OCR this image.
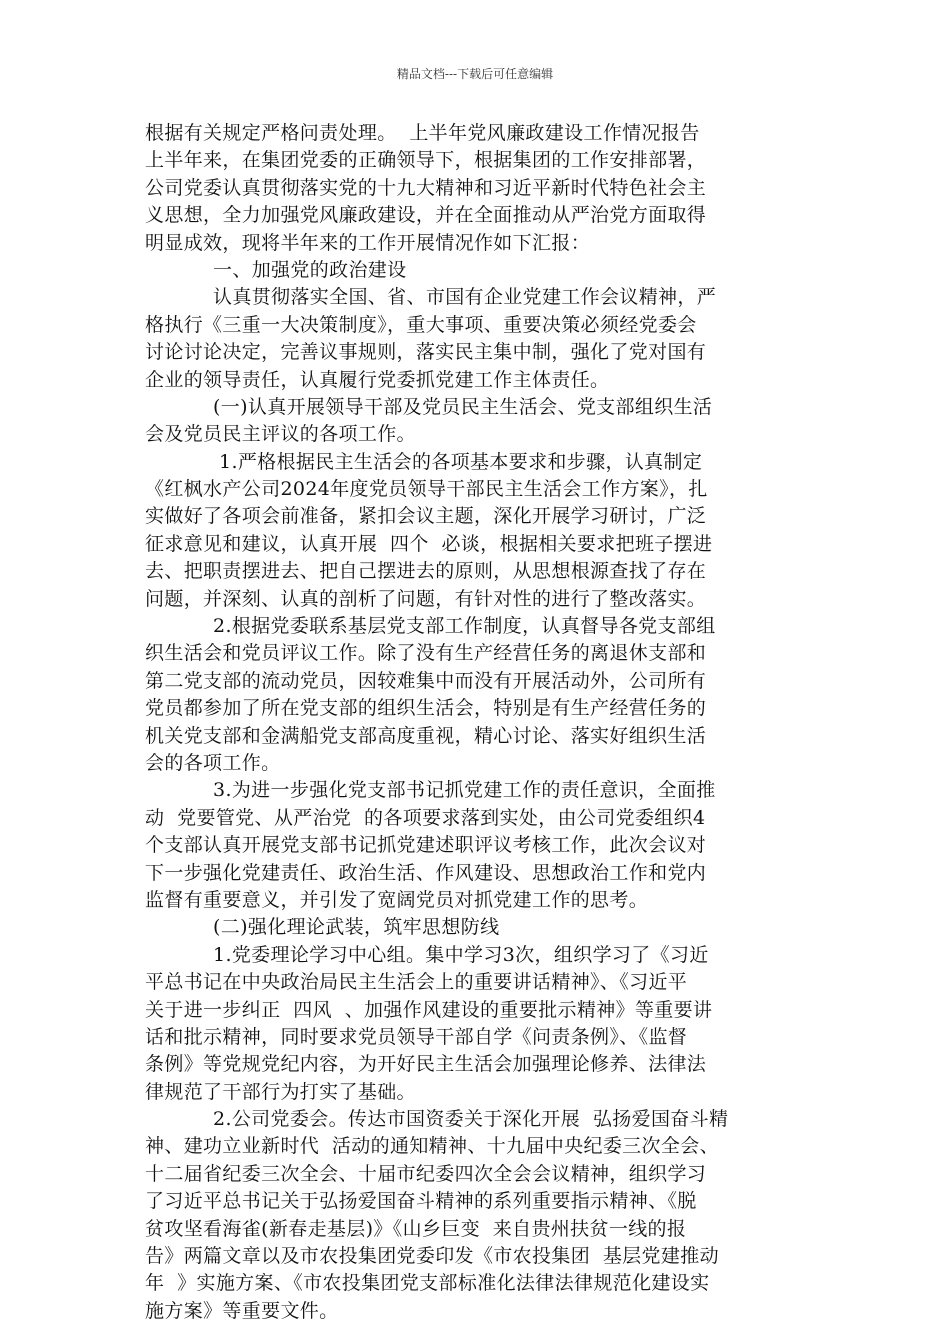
精品文档---下载后可任意编辑
根据有关规定严格问责处理。  上半年党风廉政建设工作情况报告
上半年来，在集团党委的正确领导下，根据集团的工作安排部署，
公司党委认真贯彻落实党的十九大精神和习近平新时代特色社会主
义思想，全力加强党风廉政建设，并在全面推动从严治党方面取得
明显成效，现将半年来的工作开展情况作如下汇报：
一、加强党的政治建设
认真贯彻落实全国、省、市国有企业党建工作会议精神，严
格执行《三重一大决策制度》，重大事项、重要决策必须经党委会
讨论讨论决定，完善议事规则，落实民主集中制，强化了党对国有
企业的领导责任，认真履行党委抓党建工作主体责任。
(一)认真开展领导干部及党员民主生活会、党支部组织生活
会及党员民主评议的各项工作。
1.严格根据民主生活会的各项基本要求和步骤，认真制定
《红枫水产公司2024年度党员领导干部民主生活会工作方案》，扎
实做好了各项会前准备，紧扣会议主题，深化开展学习研讨，广泛
征求意见和建议，认真开展  四个  必谈，根据相关要求把班子摆进
去、把职责摆进去、把自己摆进去的原则，从思想根源查找了存在
问题，并深刻、认真的剖析了问题，有针对性的进行了整改落实。
2.根据党委联系基层党支部工作制度，认真督导各党支部组
织生活会和党员评议工作。除了没有生产经营任务的离退休支部和
第二党支部的流动党员，因较难集中而没有开展活动外，公司所有
党员都参加了所在党支部的组织生活会，特别是有生产经营任务的
机关党支部和金满船党支部高度重视，精心讨论、落实好组织生活
会的各项工作。
3.为进一步强化党支部书记抓党建工作的责任意识，全面推
动  党要管党、从严治党  的各项要求落到实处，由公司党委组织4
个支部认真开展党支部书记抓党建述职评议考核工作，此次会议对
下一步强化党建责任、政治生活、作风建设、思想政治工作和党内
监督有重要意义，并引发了宽阔党员对抓党建工作的思考。
(二)强化理论武装，筑牢思想防线
1.党委理论学习中心组。集中学习3次，组织学习了《习近
平总书记在中央政治局民主生活会上的重要讲话精神》、《习近平
关于进一步纠正  四风  、加强作风建设的重要批示精神》等重要讲
话和批示精神，同时要求党员领导干部自学《问责条例》、《监督
条例》等党规党纪内容，为开好民主生活会加强理论修养、法律法
律规范了干部行为打实了基础。
2.公司党委会。传达市国资委关于深化开展  弘扬爱国奋斗精
神、建功立业新时代  活动的通知精神、十九届中央纪委三次全会、
十二届省纪委三次全会、十届市纪委四次全会会议精神，组织学习
了习近平总书记关于弘扬爱国奋斗精神的系列重要指示精神、《脱
贫攻坚看海雀(新春走基层)》《山乡巨变  来自贵州扶贫一线的报
告》两篇文章以及市农投集团党委印发《市农投集团  基层党建推动
年  》实施方案、《市农投集团党支部标准化法律法律规范化建设实
施方案》等重要文件。
